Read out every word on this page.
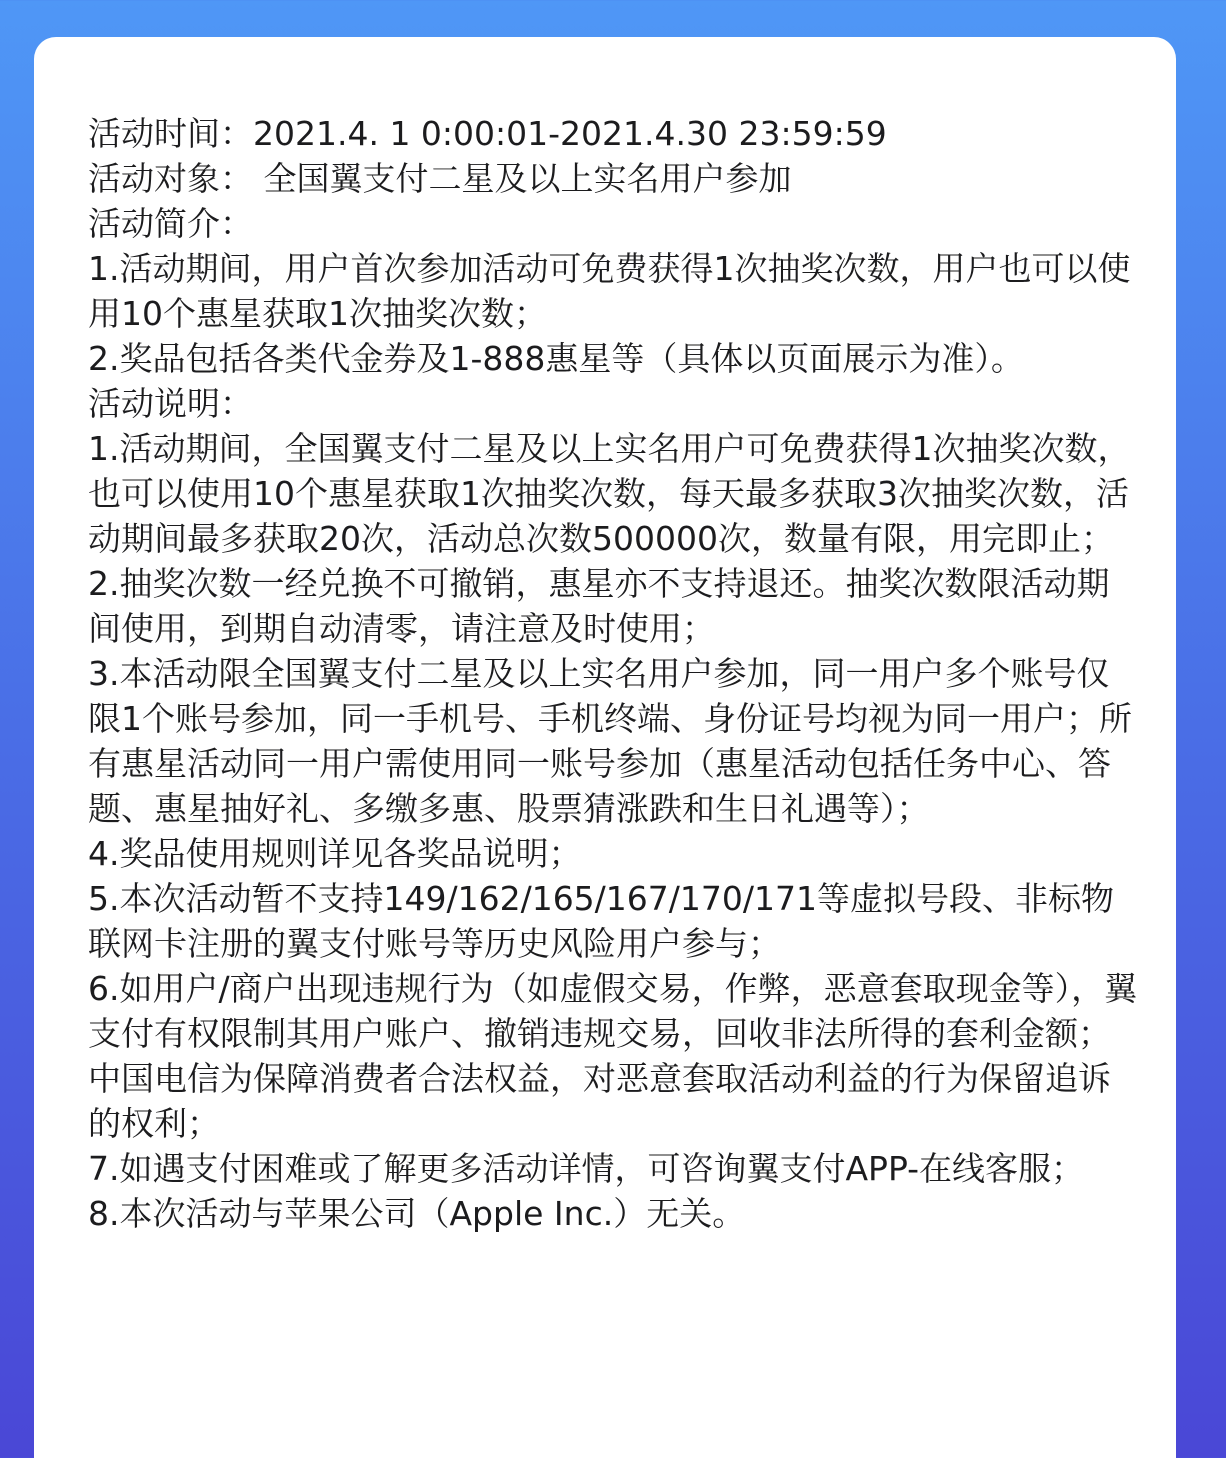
活动时间：2021.4. 1 0:00:01-2021.4.30 23:59:59
活动对象： 全国翼支付二星及以上实名用户参加
活动简介：
1.活动期间，用户首次参加活动可免费获得1次抽奖次数，用户也可以使用10个惠星获取1次抽奖次数；
2.奖品包括各类代金券及1-888惠星等（具体以页面展示为准）。
活动说明：
1.活动期间，全国翼支付二星及以上实名用户可免费获得1次抽奖次数，也可以使用10个惠星获取1次抽奖次数，每天最多获取3次抽奖次数，活动期间最多获取20次，活动总次数500000次，数量有限，用完即止；
2.抽奖次数一经兑换不可撤销，惠星亦不支持退还。抽奖次数限活动期间使用，到期自动清零，请注意及时使用；
3.本活动限全国翼支付二星及以上实名用户参加，同一用户多个账号仅限1个账号参加，同一手机号、手机终端、身份证号均视为同一用户；所有惠星活动同一用户需使用同一账号参加（惠星活动包括任务中心、答题、惠星抽好礼、多缴多惠、股票猜涨跌和生日礼遇等）；
4.奖品使用规则详见各奖品说明；
5.本次活动暂不支持149/162/165/167/170/171等虚拟号段、非标物联网卡注册的翼支付账号等历史风险用户参与；
6.如用户/商户出现违规行为（如虚假交易，作弊，恶意套取现金等），翼支付有权限制其用户账户、撤销违规交易，回收非法所得的套利金额；中国电信为保障消费者合法权益，对恶意套取活动利益的行为保留追诉的权利；
7.如遇支付困难或了解更多活动详情，可咨询翼支付APP-在线客服；
8.本次活动与苹果公司（Apple Inc.）无关。
